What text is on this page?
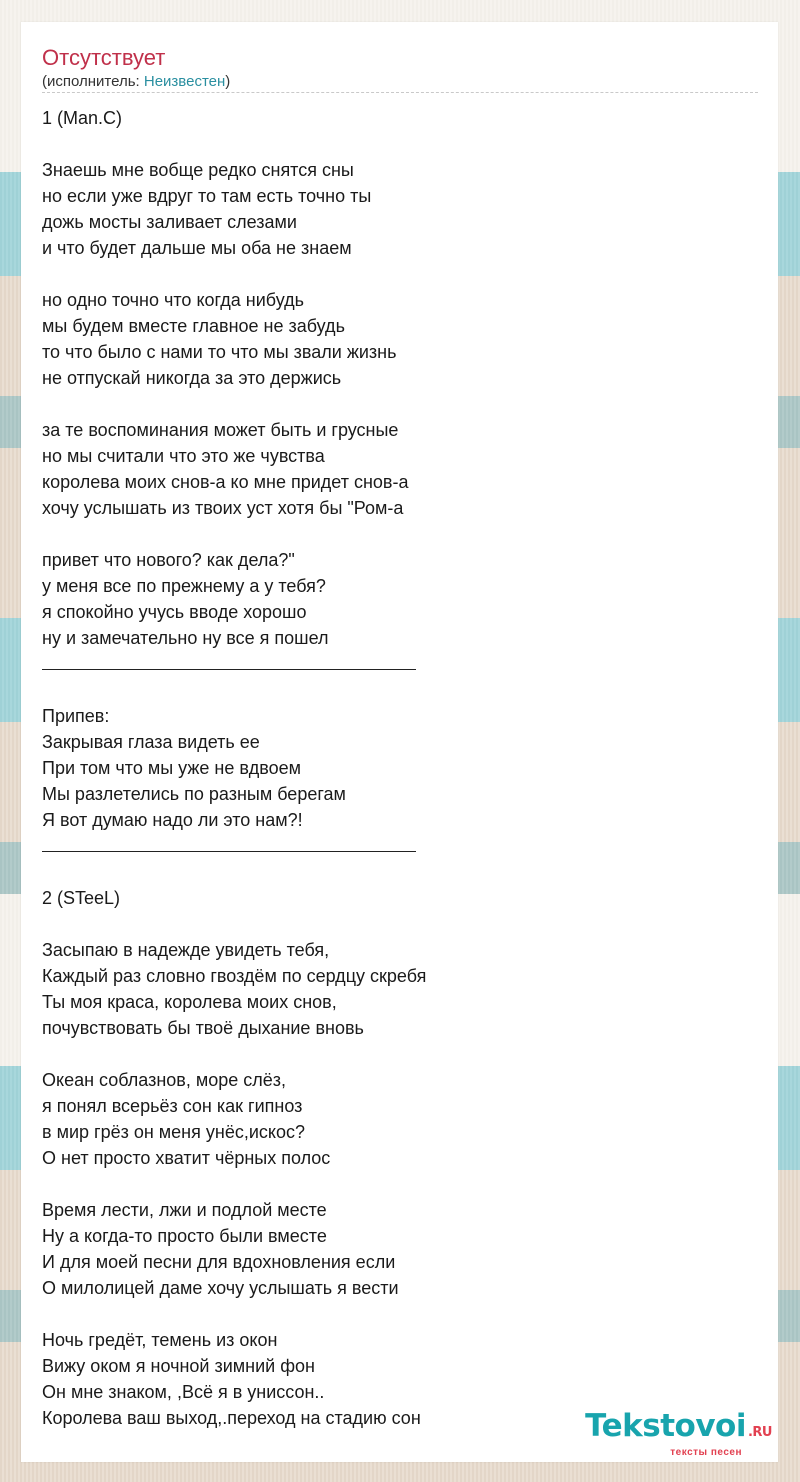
Отсутствует
(исполнитель: Неизвестен)
1 (Man.C)
Знаешь мне вобще редко снятся сны
но если уже вдруг то там есть точно ты
дожь мосты заливает слезами
и что будет дальше мы оба не знаем
но одно точно что когда нибудь
мы будем вместе главное не забудь
то что было с нами то что мы звали жизнь
не отпускай никогда за это держись
за те воспоминания может быть и грусные
но мы считали что это же чувства
королева моих снов-а ко мне придет снов-а
хочу услышать из твоих уст хотя бы "Ром-а
привет что нового? как дела?"
у меня все по прежнему а у тебя?
я спокойно учусь вводе хорошо
ну и замечательно ну все я пошел
Припев:
Закрывая глаза видеть ее
При том что мы уже не вдвоем
Мы разлетелись по разным берегам
Я вот думаю надо ли это нам?!
2 (STeeL)
Засыпаю в надежде увидеть тебя,
Каждый раз словно гвоздём по сердцу скребя
Ты моя краса, королева моих снов,
почувствовать бы твоё дыхание вновь
Океан соблазнов, море слёз,
я понял всерьёз сон как гипноз
в мир грёз он меня унёс,искос?
О нет просто хватит чёрных полос
Время лести, лжи и подлой месте
Ну а когда-то просто были вместе
И для моей песни для вдохновления если
О милолицей даме хочу услышать я вести
Ночь гредёт, темень из окон
Вижу оком я ночной зимний фон
Он мне знаком, ,Всё я в униссон..
Королева ваш выход,.переход на стадию сон	Tekstovoi .RU
тексты песен
